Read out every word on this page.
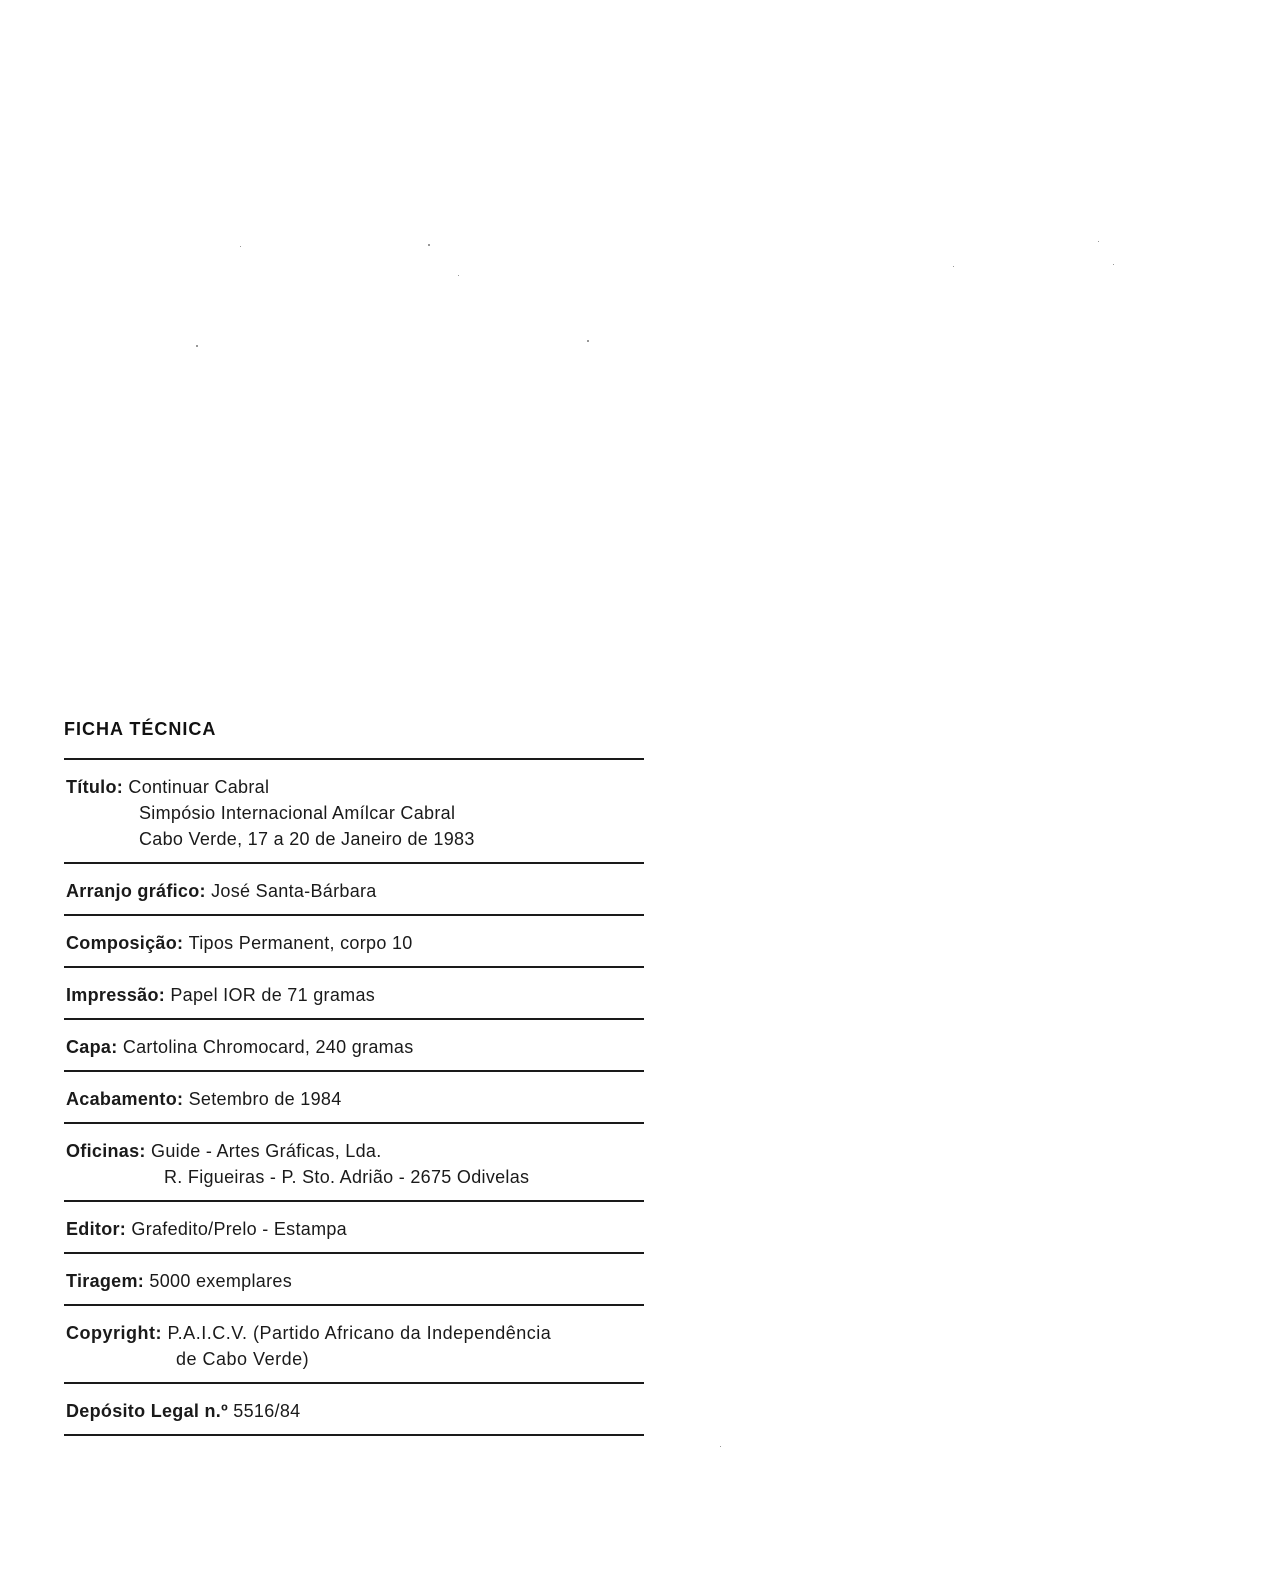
FICHA TÉCNICA
Título: Continuar Cabral
Simpósio Internacional Amílcar Cabral
Cabo Verde, 17 a 20 de Janeiro de 1983
Arranjo gráfico: José Santa-Bárbara
Composição: Tipos Permanent, corpo 10
Impressão: Papel IOR de 71 gramas
Capa: Cartolina Chromocard, 240 gramas
Acabamento: Setembro de 1984
Oficinas: Guide - Artes Gráficas, Lda.
R. Figueiras - P. Sto. Adrião - 2675 Odivelas
Editor: Grafedito/Prelo - Estampa
Tiragem: 5000 exemplares
Copyright: P.A.I.C.V. (Partido Africano da Independência
de Cabo Verde)
Depósito Legal n.º 5516/84
